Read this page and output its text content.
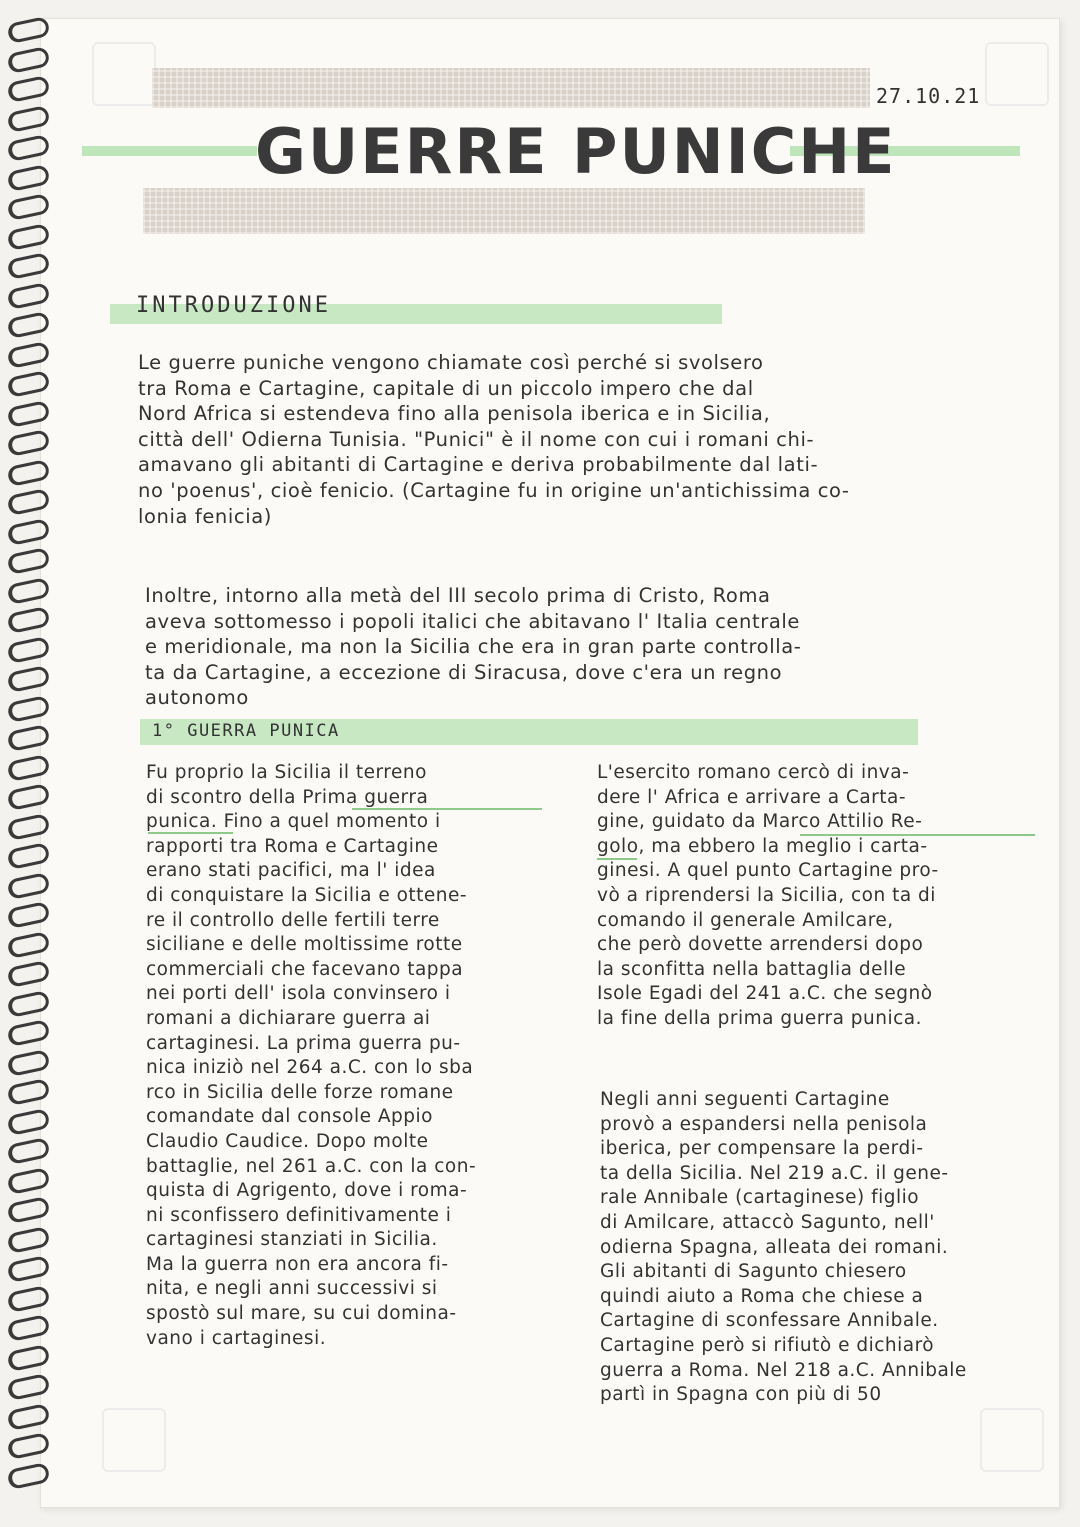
27.10.21
GUERRE PUNICHE
INTRODUZIONE
Le guerre puniche vengono chiamate così perché si svolsero
tra Roma e Cartagine, capitale di un piccolo impero che dal
Nord Africa si estendeva fino alla penisola iberica e in Sicilia,
città dell' Odierna Tunisia. "Punici" è il nome con cui i romani chi-
amavano gli abitanti di Cartagine e deriva probabilmente dal lati-
no 'poenus', cioè fenicio. (Cartagine fu in origine un'antichissima co-
lonia fenicia)
Inoltre, intorno alla metà del III secolo prima di Cristo, Roma
aveva sottomesso i popoli italici che abitavano l' Italia centrale
e meridionale, ma non la Sicilia che era in gran parte controlla-
ta da Cartagine, a eccezione di Siracusa, dove c'era un regno
autonomo
1° GUERRA PUNICA
Fu proprio la Sicilia il terreno
di scontro della Prima guerra
punica. Fino a quel momento i
rapporti tra Roma e Cartagine
erano stati pacifici, ma l' idea
di conquistare la Sicilia e ottene-
re il controllo delle fertili terre
siciliane e delle moltissime rotte
commerciali che facevano tappa
nei porti dell' isola convinsero i
romani a dichiarare guerra ai
cartaginesi. La prima guerra pu-
nica iniziò nel 264 a.C. con lo sba
rco in Sicilia delle forze romane
comandate dal console Appio
Claudio Caudice. Dopo molte
battaglie, nel 261 a.C. con la con-
quista di Agrigento, dove i roma-
ni sconfissero definitivamente i
cartaginesi stanziati in Sicilia.
Ma la guerra non era ancora fi-
nita, e negli anni successivi si
spostò sul mare, su cui domina-
vano i cartaginesi.
L'esercito romano cercò di inva-
dere l' Africa e arrivare a Carta-
gine, guidato da Marco Attilio Re-
golo, ma ebbero la meglio i carta-
ginesi. A quel punto Cartagine pro-
vò a riprendersi la Sicilia, con ta di
comando il generale Amilcare,
che però dovette arrendersi dopo
la sconfitta nella battaglia delle
Isole Egadi del 241 a.C. che segnò
la fine della prima guerra punica.
Negli anni seguenti Cartagine
provò a espandersi nella penisola
iberica, per compensare la perdi-
ta della Sicilia. Nel 219 a.C. il gene-
rale Annibale (cartaginese) figlio
di Amilcare, attaccò Sagunto, nell'
odierna Spagna, alleata dei romani.
Gli abitanti di Sagunto chiesero
quindi aiuto a Roma che chiese a
Cartagine di sconfessare Annibale.
Cartagine però si rifiutò e dichiarò
guerra a Roma. Nel 218 a.C. Annibale
partì in Spagna con più di 50
